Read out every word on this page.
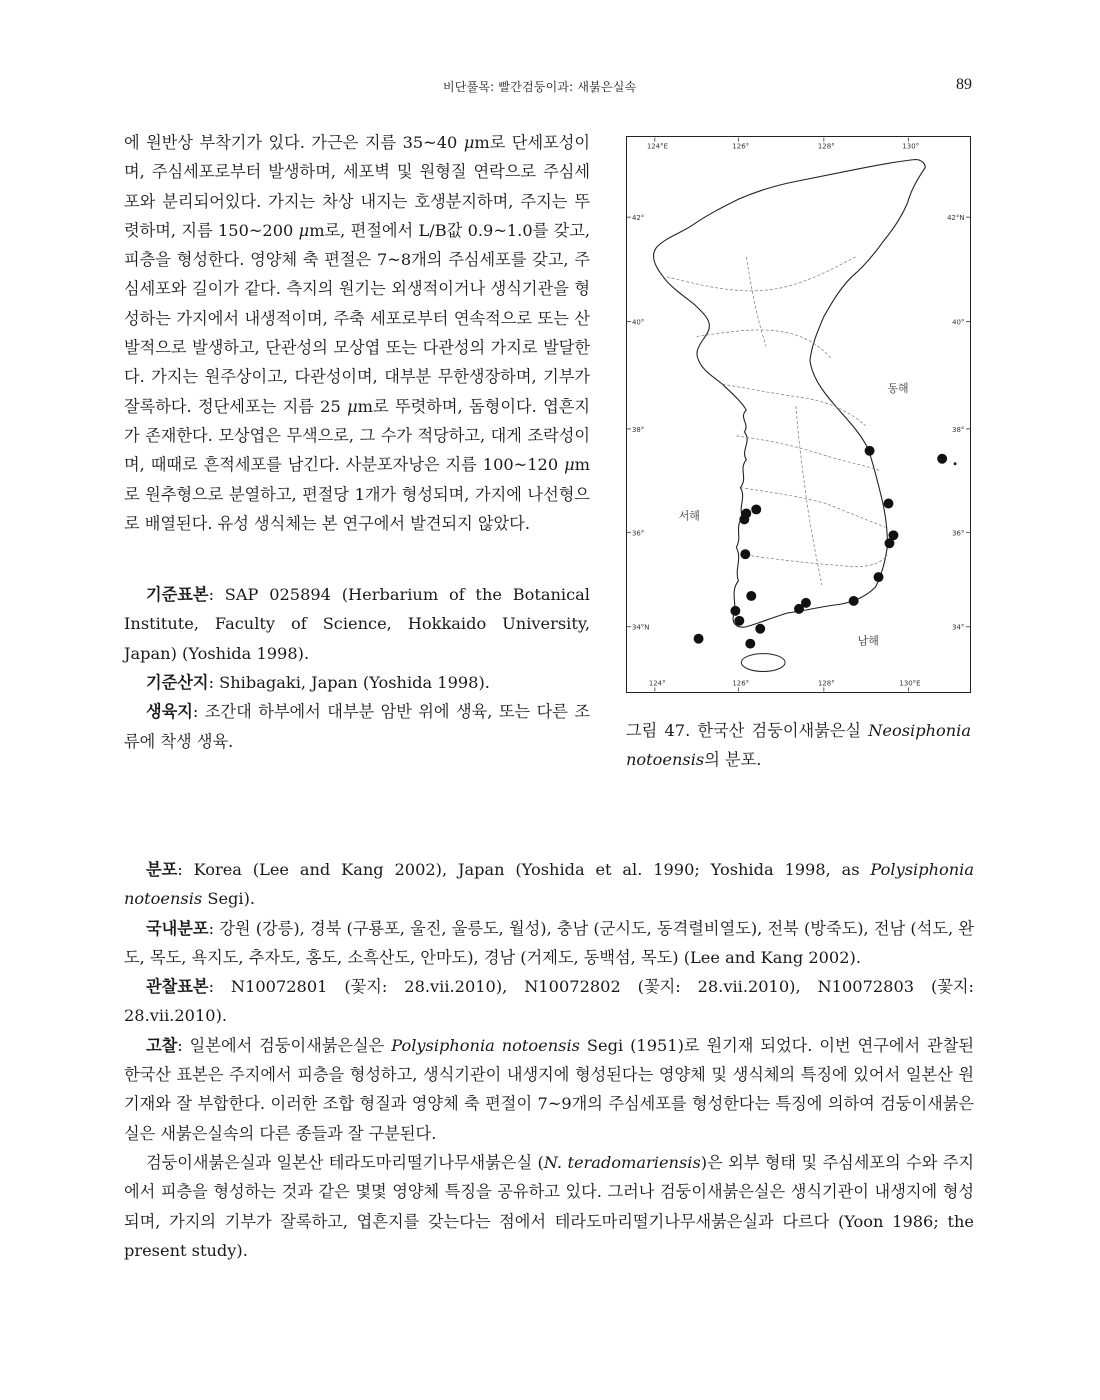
비단풀목: 빨간검둥이과: 새붉은실속	89

에 원반상 부착기가 있다. 가근은 지름 35~40 μm로 단세포성이며, 주심세포로부터 발생하며, 세포벽 및 원형질 연락으로 주심세포와 분리되어있다. 가지는 차상 내지는 호생분지하며, 주지는 뚜렷하며, 지름 150~200 μm로, 편절에서 L/B값 0.9~1.0를 갖고, 피층을 형성한다. 영양체 축 편절은 7~8개의 주심세포를 갖고, 주심세포와 길이가 같다. 측지의 원기는 외생적이거나 생식기관을 형성하는 가지에서 내생적이며, 주축 세포로부터 연속적으로 또는 산발적으로 발생하고, 단관성의 모상엽 또는 다관성의 가지로 발달한다. 가지는 원주상이고, 다관성이며, 대부분 무한생장하며, 기부가 잘록하다. 정단세포는 지름 25 μm로 뚜렷하며, 돔형이다. 엽흔지가 존재한다. 모상엽은 무색으로, 그 수가 적당하고, 대게 조락성이며, 때때로 흔적세포를 남긴다. 사분포자낭은 지름 100~120 μm로 원추형으로 분열하고, 편절당 1개가 형성되며, 가지에 나선형으로 배열된다. 유성 생식체는 본 연구에서 발견되지 않았다.

기준표본: SAP 025894 (Herbarium of the Botanical Institute, Faculty of Science, Hokkaido University, Japan) (Yoshida 1998).

기준산지: Shibagaki, Japan (Yoshida 1998).

생육지: 조간대 하부에서 대부분 암반 위에 생육, 또는 다른 조류에 착생 생육.

124°E	126°	128°	130°
124°	126°	128°	130°E
42°
40°
38°
36°
34°N
42°N
40°
38°
36°
34°
동해
서해
남해

그림 47. 한국산 검둥이새붉은실 Neosiphonia notoensis의 분포.

분포: Korea (Lee and Kang 2002), Japan (Yoshida et al. 1990; Yoshida 1998, as Polysiphonia notoensis Segi).

국내분포: 강원 (강릉), 경북 (구룡포, 울진, 울릉도, 월성), 충남 (군시도, 동격렬비열도), 전북 (방죽도), 전남 (석도, 완도, 목도, 욕지도, 추자도, 홍도, 소흑산도, 안마도), 경남 (거제도, 동백섬, 목도) (Lee and Kang 2002).

관찰표본: N10072801 (꽃지: 28.vii.2010), N10072802 (꽃지: 28.vii.2010), N10072803 (꽃지: 28.vii.2010).

고찰: 일본에서 검둥이새붉은실은 Polysiphonia notoensis Segi (1951)로 원기재 되었다. 이번 연구에서 관찰된 한국산 표본은 주지에서 피층을 형성하고, 생식기관이 내생지에 형성된다는 영양체 및 생식체의 특징에 있어서 일본산 원기재와 잘 부합한다. 이러한 조합 형질과 영양체 축 편절이 7~9개의 주심세포를 형성한다는 특징에 의하여 검둥이새붉은실은 새붉은실속의 다른 종들과 잘 구분된다.

검둥이새붉은실과 일본산 테라도마리떨기나무새붉은실 (N. teradomariensis)은 외부 형태 및 주심세포의 수와 주지에서 피층을 형성하는 것과 같은 몇몇 영양체 특징을 공유하고 있다. 그러나 검둥이새붉은실은 생식기관이 내생지에 형성되며, 가지의 기부가 잘록하고, 엽흔지를 갖는다는 점에서 테라도마리떨기나무새붉은실과 다르다 (Yoon 1986; the present study).
